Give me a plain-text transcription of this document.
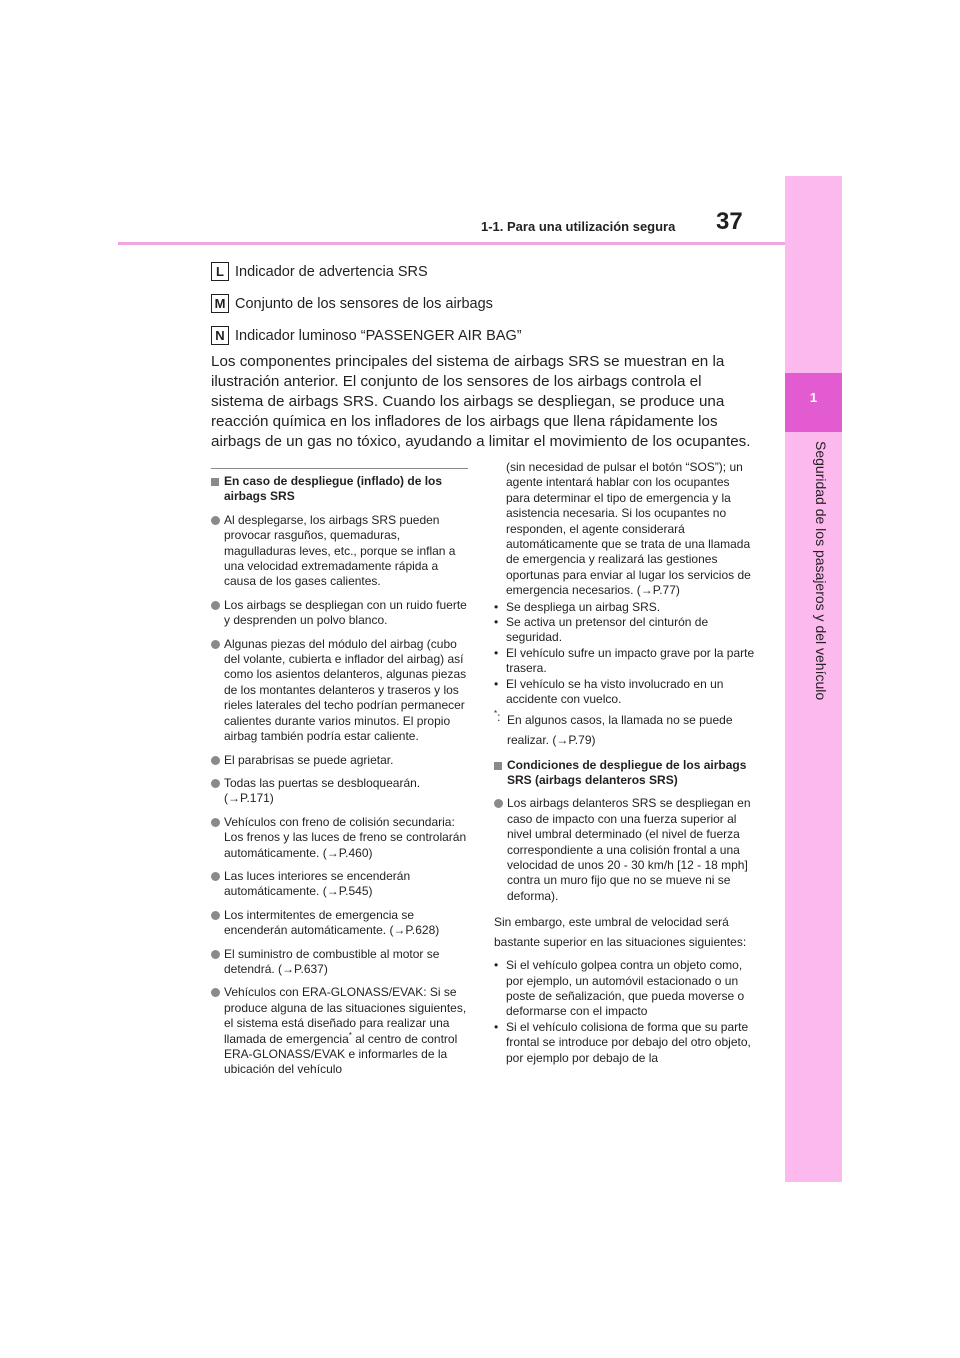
1
Seguridad de los pasajeros y del vehículo
1-1. Para una utilización segura 37
L Indicador de advertencia SRS
M Conjunto de los sensores de los airbags
N Indicador luminoso “PASSENGER AIR BAG”
Los componentes principales del sistema de airbags SRS se muestran en la ilustración anterior. El conjunto de los sensores de los airbags controla el sistema de airbags SRS. Cuando los airbags se despliegan, se produce una reacción química en los infladores de los airbags que llena rápidamente los airbags de un gas no tóxico, ayudando a limitar el movimiento de los ocupantes.
En caso de despliegue (inflado) de los airbags SRS
Al desplegarse, los airbags SRS pueden provocar rasguños, quemaduras, magulladuras leves, etc., porque se inflan a una velocidad extremadamente rápida a causa de los gases calientes.
Los airbags se despliegan con un ruido fuerte y desprenden un polvo blanco.
Algunas piezas del módulo del airbag (cubo del volante, cubierta e inflador del airbag) así como los asientos delanteros, algunas piezas de los montantes delanteros y traseros y los rieles laterales del techo podrían permanecer calientes durante varios minutos. El propio airbag también podría estar caliente.
El parabrisas se puede agrietar.
Todas las puertas se desbloquearán. (→P.171)
Vehículos con freno de colisión secundaria: Los frenos y las luces de freno se controlarán automáticamente. (→P.460)
Las luces interiores se encenderán automáticamente. (→P.545)
Los intermitentes de emergencia se encenderán automáticamente. (→P.628)
El suministro de combustible al motor se detendrá. (→P.637)
Vehículos con ERA-GLONASS/EVAK: Si se produce alguna de las situaciones siguientes, el sistema está diseñado para realizar una llamada de emergencia* al centro de control ERA-GLONASS/EVAK e informarles de la ubicación del vehículo
(sin necesidad de pulsar el botón “SOS”); un agente intentará hablar con los ocupantes para determinar el tipo de emergencia y la asistencia necesaria. Si los ocupantes no responden, el agente considerará automáticamente que se trata de una llamada de emergencia y realizará las gestiones oportunas para enviar al lugar los servicios de emergencia necesarios. (→P.77)
• Se despliega un airbag SRS.
• Se activa un pretensor del cinturón de seguridad.
• El vehículo sufre un impacto grave por la parte trasera.
• El vehículo se ha visto involucrado en un accidente con vuelco.
*: En algunos casos, la llamada no se puede realizar. (→P.79)
Condiciones de despliegue de los airbags SRS (airbags delanteros SRS)
Los airbags delanteros SRS se despliegan en caso de impacto con una fuerza superior al nivel umbral determinado (el nivel de fuerza correspondiente a una colisión frontal a una velocidad de unos 20 - 30 km/h [12 - 18 mph] contra un muro fijo que no se mueve ni se deforma).
Sin embargo, este umbral de velocidad será bastante superior en las situaciones siguientes:
• Si el vehículo golpea contra un objeto como, por ejemplo, un automóvil estacionado o un poste de señalización, que pueda moverse o deformarse con el impacto
• Si el vehículo colisiona de forma que su parte frontal se introduce por debajo del otro objeto, por ejemplo por debajo de la
